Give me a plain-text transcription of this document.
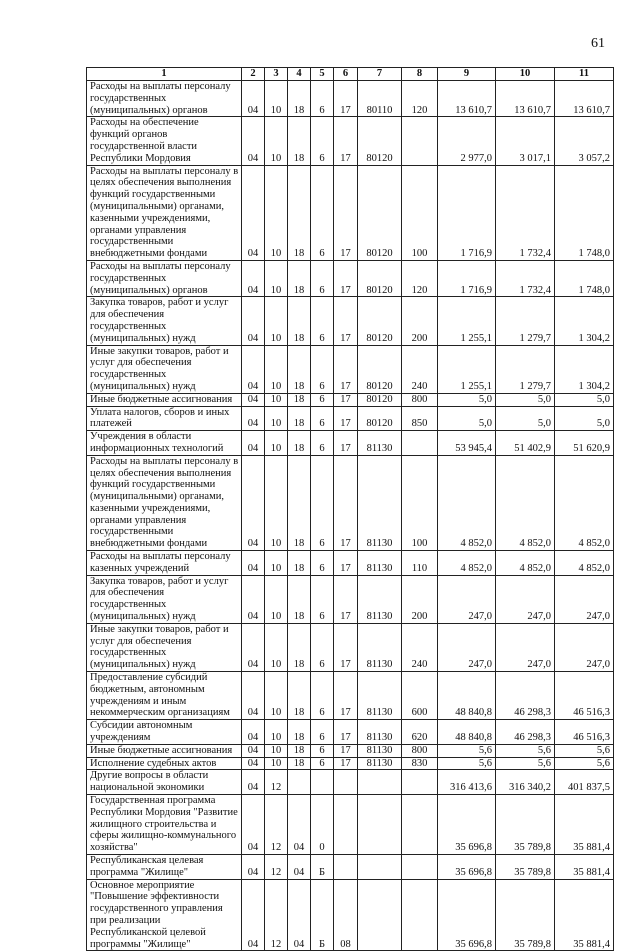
61
1	2	3	4	5	6	7	8	9	10	11
Расходы на выплаты персоналу государственных (муниципальных) органов	04	10	18	6	17	80110	120	13 610,7	13 610,7	13 610,7
Расходы на обеспечение функций органов государственной власти Республики Мордовия	04	10	18	6	17	80120		2 977,0	3 017,1	3 057,2
Расходы на выплаты персоналу в целях обеспечения выполнения функций государственными (муниципальными) органами, казенными учреждениями, органами управления государственными внебюджетными фондами	04	10	18	6	17	80120	100	1 716,9	1 732,4	1 748,0
Расходы на выплаты персоналу государственных (муниципальных) органов	04	10	18	6	17	80120	120	1 716,9	1 732,4	1 748,0
Закупка товаров, работ и услуг для обеспечения государственных (муниципальных) нужд	04	10	18	6	17	80120	200	1 255,1	1 279,7	1 304,2
Иные закупки товаров, работ и услуг для обеспечения государственных (муниципальных) нужд	04	10	18	6	17	80120	240	1 255,1	1 279,7	1 304,2
Иные бюджетные ассигнования	04	10	18	6	17	80120	800	5,0	5,0	5,0
Уплата налогов, сборов и иных платежей	04	10	18	6	17	80120	850	5,0	5,0	5,0
Учреждения в области информационных технологий	04	10	18	6	17	81130		53 945,4	51 402,9	51 620,9
Расходы на выплаты персоналу в целях обеспечения выполнения функций государственными (муниципальными) органами, казенными учреждениями, органами управления государственными внебюджетными фондами	04	10	18	6	17	81130	100	4 852,0	4 852,0	4 852,0
Расходы на выплаты персоналу казенных учреждений	04	10	18	6	17	81130	110	4 852,0	4 852,0	4 852,0
Закупка товаров, работ и услуг для обеспечения государственных (муниципальных) нужд	04	10	18	6	17	81130	200	247,0	247,0	247,0
Иные закупки товаров, работ и услуг для обеспечения государственных (муниципальных) нужд	04	10	18	6	17	81130	240	247,0	247,0	247,0
Предоставление субсидий бюджетным, автономным учреждениям и иным некоммерческим организациям	04	10	18	6	17	81130	600	48 840,8	46 298,3	46 516,3
Субсидии автономным учреждениям	04	10	18	6	17	81130	620	48 840,8	46 298,3	46 516,3
Иные бюджетные ассигнования	04	10	18	6	17	81130	800	5,6	5,6	5,6
Исполнение судебных актов	04	10	18	6	17	81130	830	5,6	5,6	5,6
Другие вопросы в области национальной экономики	04	12						316 413,6	316 340,2	401 837,5
Государственная программа Республики Мордовия "Развитие жилищного строительства и сферы жилищно-коммунального хозяйства"	04	12	04	0				35 696,8	35 789,8	35 881,4
Республиканская целевая программа "Жилище"	04	12	04	Б				35 696,8	35 789,8	35 881,4
Основное мероприятие "Повышение эффективности государственного управления при реализации Республиканской целевой программы "Жилище"	04	12	04	Б	08			35 696,8	35 789,8	35 881,4
